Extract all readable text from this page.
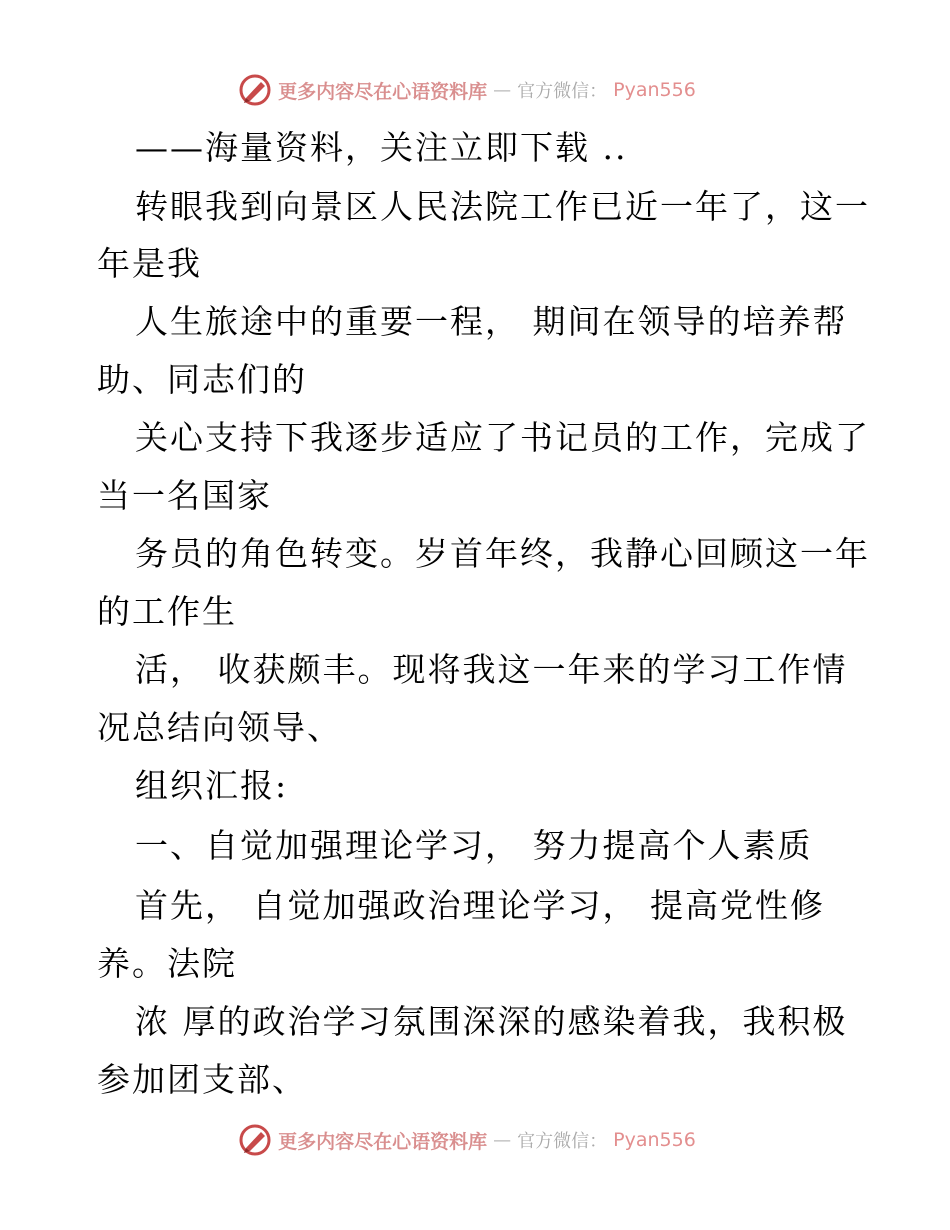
更多内容尽在心语资料库 — 官方微信： Pyan556
——海量资料，关注立即下载 ..
转眼我到向景区人民法院工作已近一年了，这一
年是我
人生旅途中的重要一程， 期间在领导的培养帮
助、同志们的
关心支持下我逐步适应了书记员的工作，完成了
当一名国家
务员的角色转变。岁首年终，我静心回顾这一年
的工作生
活， 收获颇丰。现将我这一年来的学习工作情
况总结向领导、
组织汇报:
一、自觉加强理论学习， 努力提高个人素质
首先， 自觉加强政治理论学习， 提高党性修
养。法院
浓 厚的政治学习氛围深深的感染着我，我积极
参加团支部、
更多内容尽在心语资料库 — 官方微信： Pyan556
